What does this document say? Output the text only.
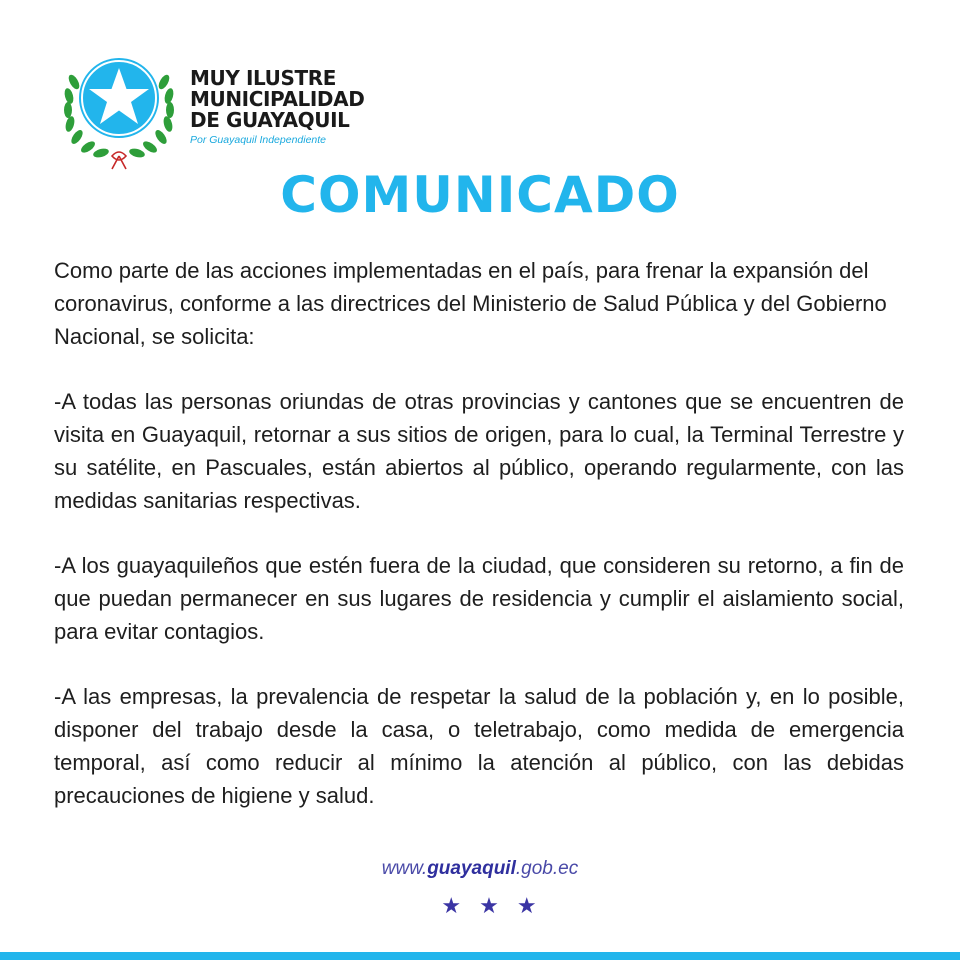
MUY ILUSTRE
MUNICIPALIDAD
DE GUAYAQUIL
Por Guayaquil Independiente
COMUNICADO

Como parte de las acciones implementadas en el país, para frenar la expansión del coronavirus, conforme a las directrices del Ministerio de Salud Pública y del Gobierno Nacional, se solicita:

-A todas las personas oriundas de otras provincias y cantones que se encuentren de visita en Guayaquil, retornar a sus sitios de origen, para lo cual, la Terminal Terrestre y su satélite, en Pascuales, están abiertos al público, operando regularmente, con las medidas sanitarias respectivas.

-A los guayaquileños que estén fuera de la ciudad, que consideren su retorno, a fin de que puedan permanecer en sus lugares de residencia y cumplir el aislamiento social, para evitar contagios.

-A las empresas, la prevalencia de respetar la salud de la población y, en lo posible, disponer del trabajo desde la casa, o teletrabajo, como medida de emergencia temporal, así como reducir al mínimo la atención al público, con las debidas precauciones de higiene y salud.

www.guayaquil.gob.ec
★★★
